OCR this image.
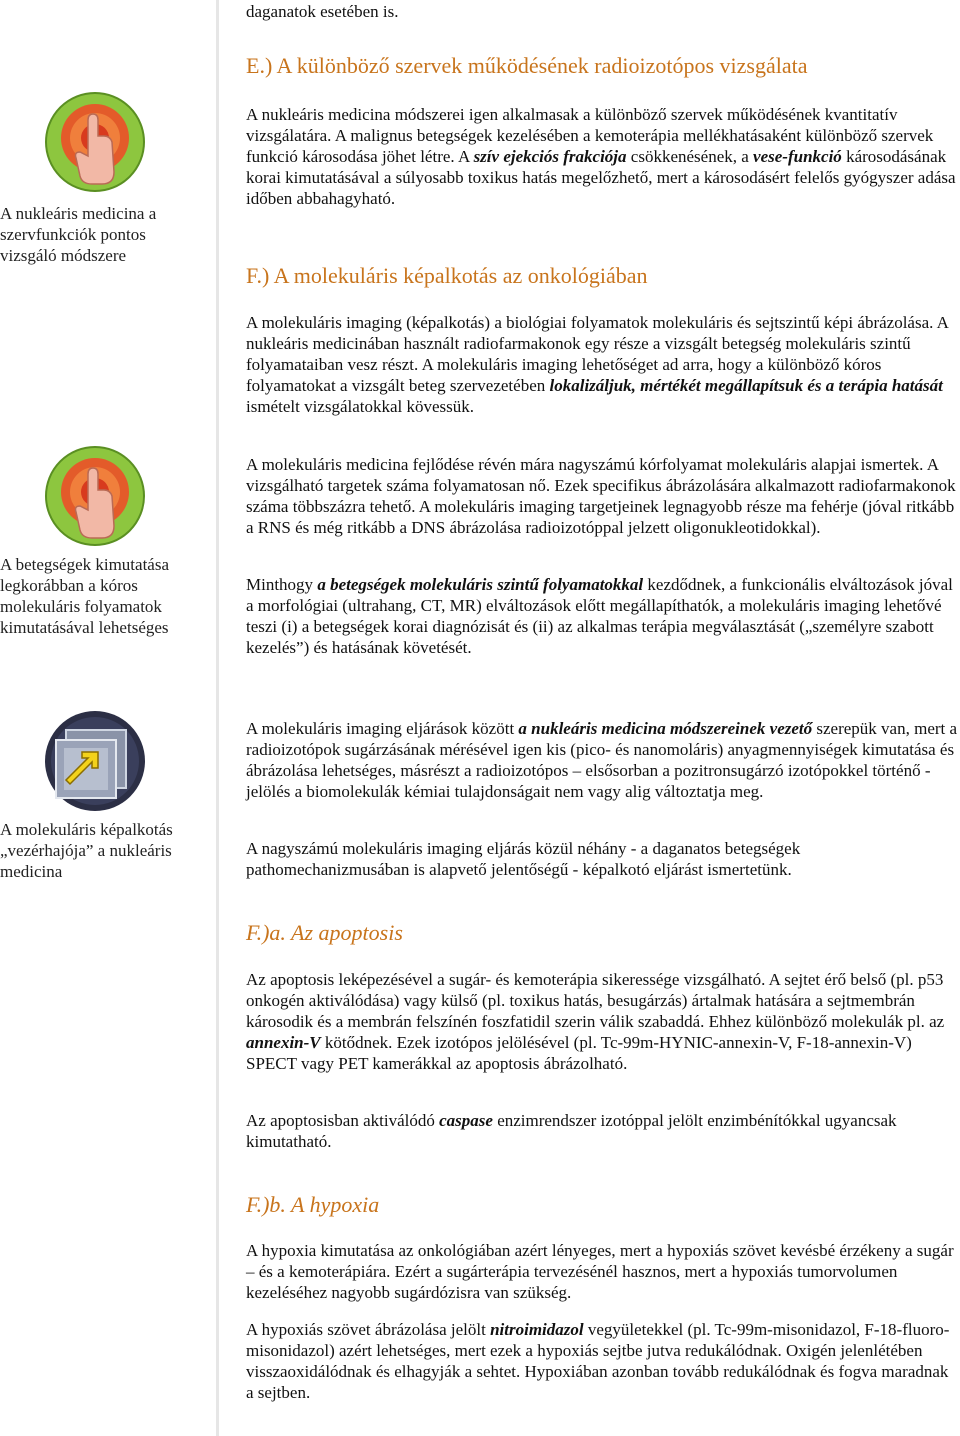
A nukleáris medicina a szervfunkciók pontos vizsgáló módszere
A betegségek kimutatása legkorábban a kóros molekuláris folyamatok kimutatásával lehetséges
A molekuláris képalkotás „vezérhajója” a nukleáris medicina
daganatok esetében is.
E.) A különböző szervek működésének radioizotópos vizsgálata

A nukleáris medicina módszerei igen alkalmasak a különböző szervek működésének kvantitatív vizsgálatára. A malignus betegségek kezelésében a kemoterápia mellékhatásaként különböző szervek funkció károsodása jöhet létre. A szív ejekciós frakciója csökkenésének, a vese-funkció károsodásának korai kimutatásával a súlyosabb toxikus hatás megelőzhető, mert a károsodásért felelős gyógyszer adása időben abbahagyható.

F.) A molekuláris képalkotás az onkológiában

A molekuláris imaging (képalkotás) a biológiai folyamatok molekuláris és sejtszintű képi ábrázolása. A nukleáris medicinában használt radiofarmakonok egy része a vizsgált betegség molekuláris szintű folyamataiban vesz részt. A molekuláris imaging lehetőséget ad arra, hogy a különböző kóros folyamatokat a vizsgált beteg szervezetében lokalizáljuk, mértékét megállapítsuk és a terápia hatását ismételt vizsgálatokkal kövessük.

A molekuláris medicina fejlődése révén mára nagyszámú kórfolyamat molekuláris alapjai ismertek. A vizsgálható targetek száma folyamatosan nő. Ezek specifikus ábrázolására alkalmazott radiofarmakonok száma többszázra tehető. A molekuláris imaging targetjeinek legnagyobb része ma fehérje (jóval ritkább a RNS és még ritkább a DNS ábrázolása radioizotóppal jelzett oligonukleotidokkal).

Minthogy a betegségek molekuláris szintű folyamatokkal kezdődnek, a funkcionális elváltozások jóval a morfológiai (ultrahang, CT, MR) elváltozások előtt megállapíthatók, a molekuláris imaging lehetővé teszi (i) a betegségek korai diagnózisát és (ii) az alkalmas terápia megválasztását („személyre szabott kezelés”) és hatásának követését.

A molekuláris imaging eljárások között a nukleáris medicina módszereinek vezető szerepük van, mert a radioizotópok sugárzásának mérésével igen kis (pico- és nanomoláris) anyagmennyiségek kimutatása és ábrázolása lehetséges, másrészt a radioizotópos – elsősorban a pozitronsugárzó izotópokkel történő - jelölés a biomolekulák kémiai tulajdonságait nem vagy alig változtatja meg.

A nagyszámú molekuláris imaging eljárás közül néhány - a daganatos betegségek pathomechanizmusában is alapvető jelentőségű - képalkotó eljárást ismertetünk.

F.)a. Az apoptosis

Az apoptosis leképezésével a sugár- és kemoterápia sikeressége vizsgálható. A sejtet érő belső (pl. p53 onkogén aktiválódása) vagy külső (pl. toxikus hatás, besugárzás) ártalmak hatására a sejtmembrán károsodik és a membrán felszínén foszfatidil szerin válik szabaddá. Ehhez különböző molekulák pl. az annexin-V kötődnek. Ezek izotópos jelölésével (pl. Tc-99m-HYNIC-annexin-V, F-18-annexin-V) SPECT vagy PET kamerákkal az apoptosis ábrázolható.

Az apoptosisban aktiválódó caspase enzimrendszer izotóppal jelölt enzimbénítókkal ugyancsak kimutatható.

F.)b. A hypoxia

A hypoxia kimutatása az onkológiában azért lényeges, mert a hypoxiás szövet kevésbé érzékeny a sugár – és a kemoterápiára. Ezért a sugárterápia tervezésénél hasznos, mert a hypoxiás tumorvolumen kezeléséhez nagyobb sugárdózisra van szükség.

A hypoxiás szövet ábrázolása jelölt nitroimidazol vegyületekkel (pl. Tc-99m-misonidazol, F-18-fluoro-misonidazol) azért lehetséges, mert ezek a hypoxiás sejtbe jutva redukálódnak. Oxigén jelenlétében visszaoxidálódnak és elhagyják a sehtet. Hypoxiában azonban tovább redukálódnak és fogva maradnak a sejtben.
